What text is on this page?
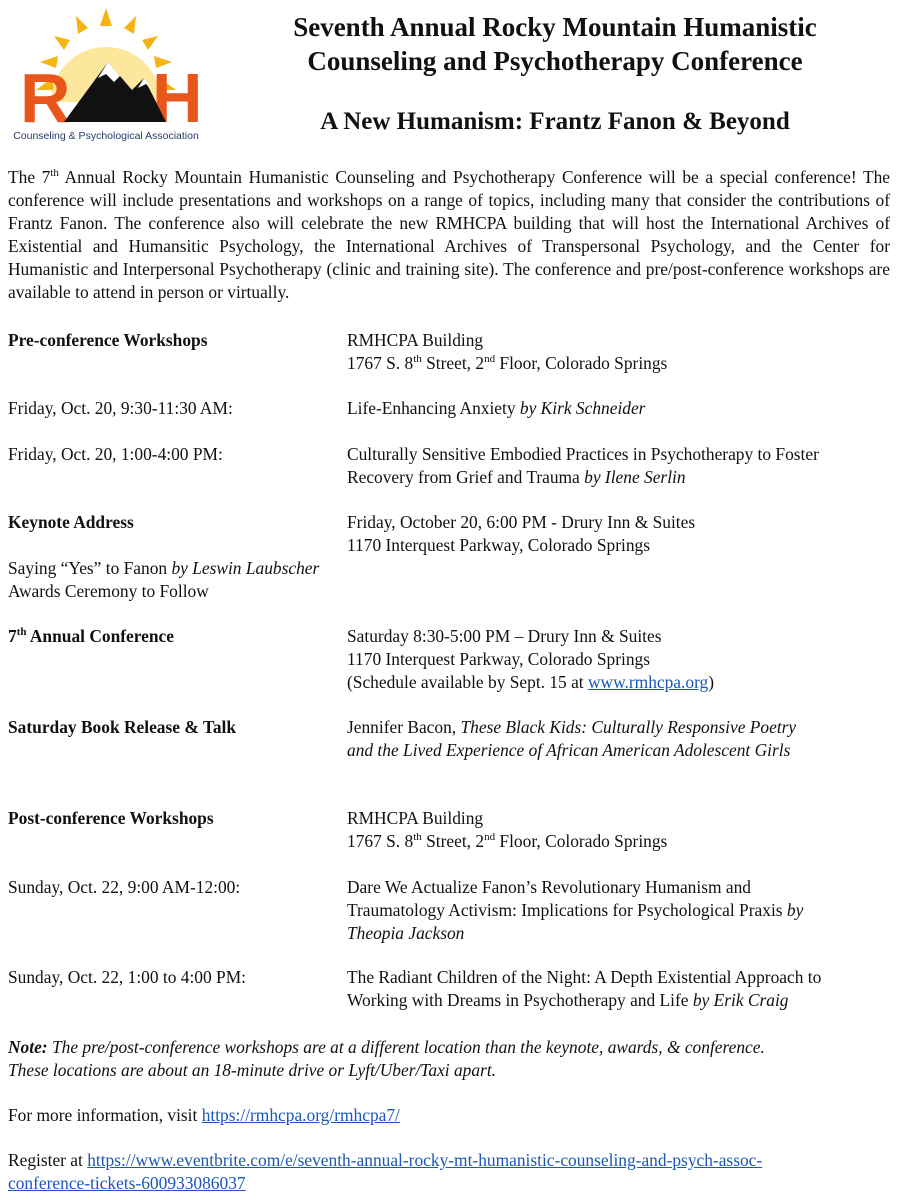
R H
Counseling & Psychological Association
Seventh Annual Rocky Mountain Humanistic
Counseling and Psychotherapy Conference
A New Humanism: Frantz Fanon & Beyond

The 7th Annual Rocky Mountain Humanistic Counseling and Psychotherapy Conference will be a special conference! The conference will include presentations and workshops on a range of topics, including many that consider the contributions of Frantz Fanon. The conference also will celebrate the new RMHCPA building that will host the International Archives of Existential and Humansitic Psychology, the International Archives of Transpersonal Psychology, and the Center for Humanistic and Interpersonal Psychotherapy (clinic and training site). The conference and pre/post-conference workshops are available to attend in person or virtually.

Pre-conference Workshops	RMHCPA Building
1767 S. 8th Street, 2nd Floor, Colorado Springs
Friday, Oct. 20, 9:30-11:30 AM:	Life-Enhancing Anxiety by Kirk Schneider
Friday, Oct. 20, 1:00-4:00 PM:	Culturally Sensitive Embodied Practices in Psychotherapy to Foster
Recovery from Grief and Trauma by Ilene Serlin
Keynote Address	Friday, October 20, 6:00 PM - Drury Inn & Suites
1170 Interquest Parkway, Colorado Springs
Saying “Yes” to Fanon by Leswin Laubscher
Awards Ceremony to Follow
7th Annual Conference	Saturday 8:30-5:00 PM – Drury Inn & Suites
1170 Interquest Parkway, Colorado Springs
(Schedule available by Sept. 15 at www.rmhcpa.org)
Saturday Book Release & Talk	Jennifer Bacon, These Black Kids: Culturally Responsive Poetry
and the Lived Experience of African American Adolescent Girls
Post-conference Workshops	RMHCPA Building
1767 S. 8th Street, 2nd Floor, Colorado Springs
Sunday, Oct. 22, 9:00 AM-12:00:	Dare We Actualize Fanon’s Revolutionary Humanism and
Traumatology Activism: Implications for Psychological Praxis by
Theopia Jackson
Sunday, Oct. 22, 1:00 to 4:00 PM:	The Radiant Children of the Night: A Depth Existential Approach to
Working with Dreams in Psychotherapy and Life by Erik Craig
Note: The pre/post-conference workshops are at a different location than the keynote, awards, & conference.
These locations are about an 18-minute drive or Lyft/Uber/Taxi apart.
For more information, visit https://rmhcpa.org/rmhcpa7/
Register at https://www.eventbrite.com/e/seventh-annual-rocky-mt-humanistic-counseling-and-psych-assoc-
conference-tickets-600933086037
